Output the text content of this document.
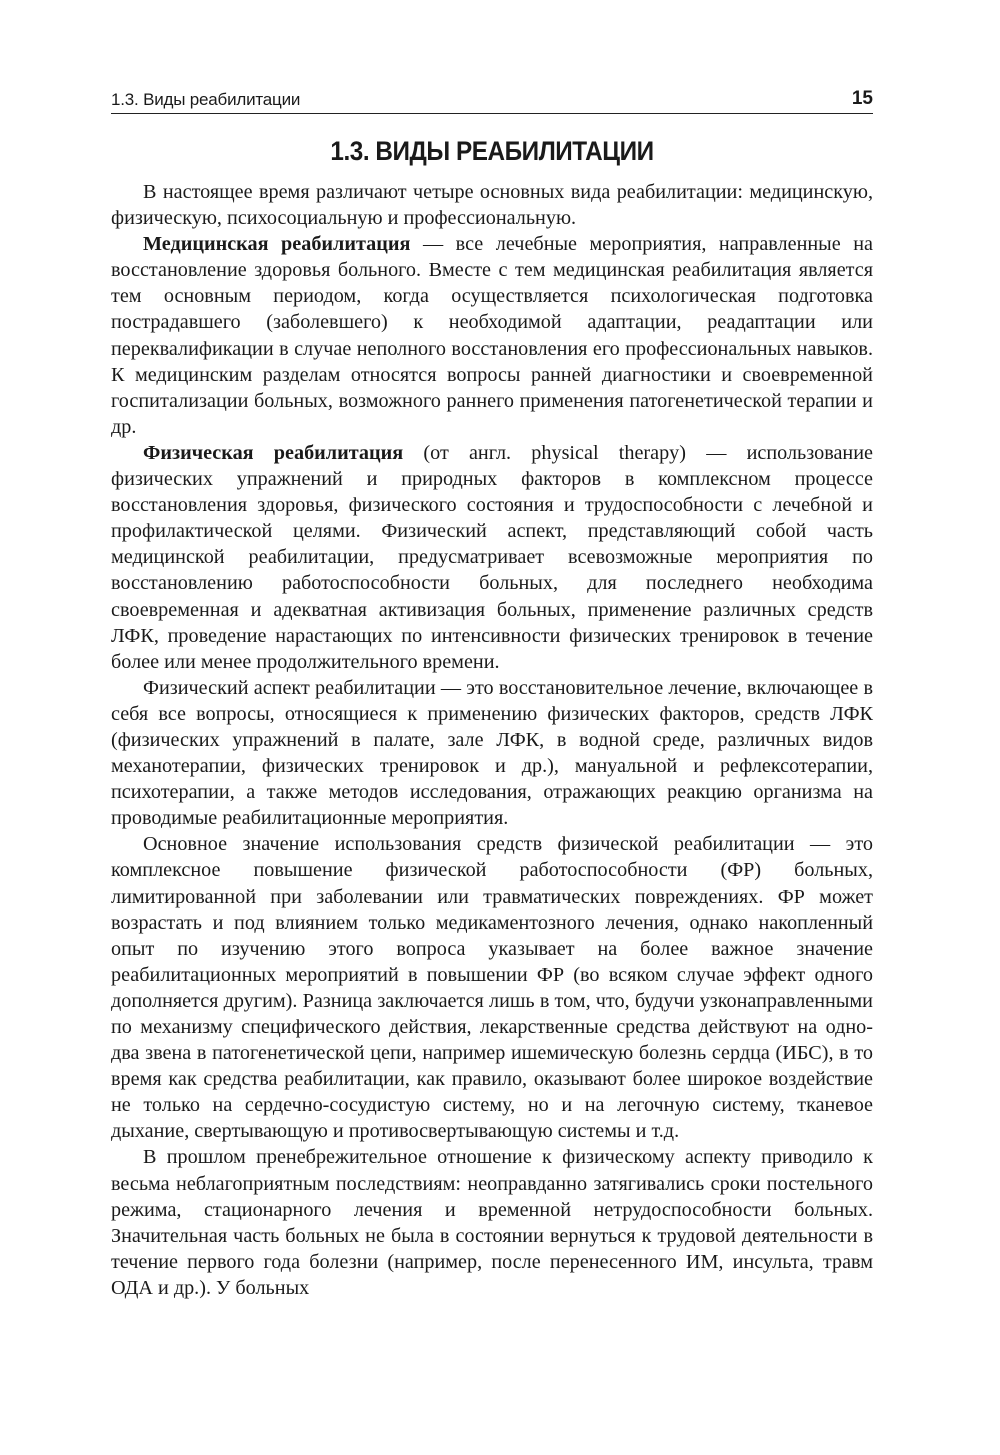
1.3. Виды реабилитации	15
1.3. ВИДЫ РЕАБИЛИТАЦИИ

В настоящее время различают четыре основных вида реабилитации: медицинскую, физическую, психосоциальную и профессиональную.

Медицинская реабилитация — все лечебные мероприятия, направленные на восстановление здоровья больного. Вместе с тем медицинская реабилитация является тем основным периодом, когда осуществляется психологическая подготовка пострадавшего (заболевшего) к необходимой адаптации, реадаптации или переквалификации в случае неполного восстановления его профессиональных навыков. К медицинским разделам относятся вопросы ранней диагностики и своевременной госпитализации больных, возможного раннего применения патогенетической терапии и др.

Физическая реабилитация (от англ. physical therapy) — использование физических упражнений и природных факторов в комплексном процессе восстановления здоровья, физического состояния и трудоспособности с лечебной и профилактической целями. Физический аспект, представляющий собой часть медицинской реабилитации, предусматривает всевозможные мероприятия по восстановлению работоспособности больных, для последнего необходима своевременная и адекватная активизация больных, применение различных средств ЛФК, проведение нарастающих по интенсивности физических тренировок в течение более или менее продолжительного времени.

Физический аспект реабилитации — это восстановительное лечение, включающее в себя все вопросы, относящиеся к применению физических факторов, средств ЛФК (физических упражнений в палате, зале ЛФК, в водной среде, различных видов механотерапии, физических тренировок и др.), мануальной и рефлексотерапии, психотерапии, а также методов исследования, отражающих реакцию организма на проводимые реабилитационные мероприятия.

Основное значение использования средств физической реабилитации — это комплексное повышение физической работоспособности (ФР) больных, лимитированной при заболевании или травматических повреждениях. ФР может возрастать и под влиянием только медикаментозного лечения, однако накопленный опыт по изучению этого вопроса указывает на более важное значение реабилитационных мероприятий в повышении ФР (во всяком случае эффект одного дополняется другим). Разница заключается лишь в том, что, будучи узконаправленными по механизму специфического действия, лекарственные средства действуют на одно-два звена в патогенетической цепи, например ишемическую болезнь сердца (ИБС), в то время как средства реабилитации, как правило, оказывают более широкое воздействие не только на сердечно-сосудистую систему, но и на легочную систему, тканевое дыхание, свертывающую и противосвертывающую системы и т.д.

В прошлом пренебрежительное отношение к физическому аспекту приводило к весьма неблагоприятным последствиям: неоправданно затягивались сроки постельного режима, стационарного лечения и временной нетрудоспособности больных. Значительная часть больных не была в состоянии вернуться к трудовой деятельности в течение первого года болезни (например, после перенесенного ИМ, инсульта, травм ОДА и др.). У больных
